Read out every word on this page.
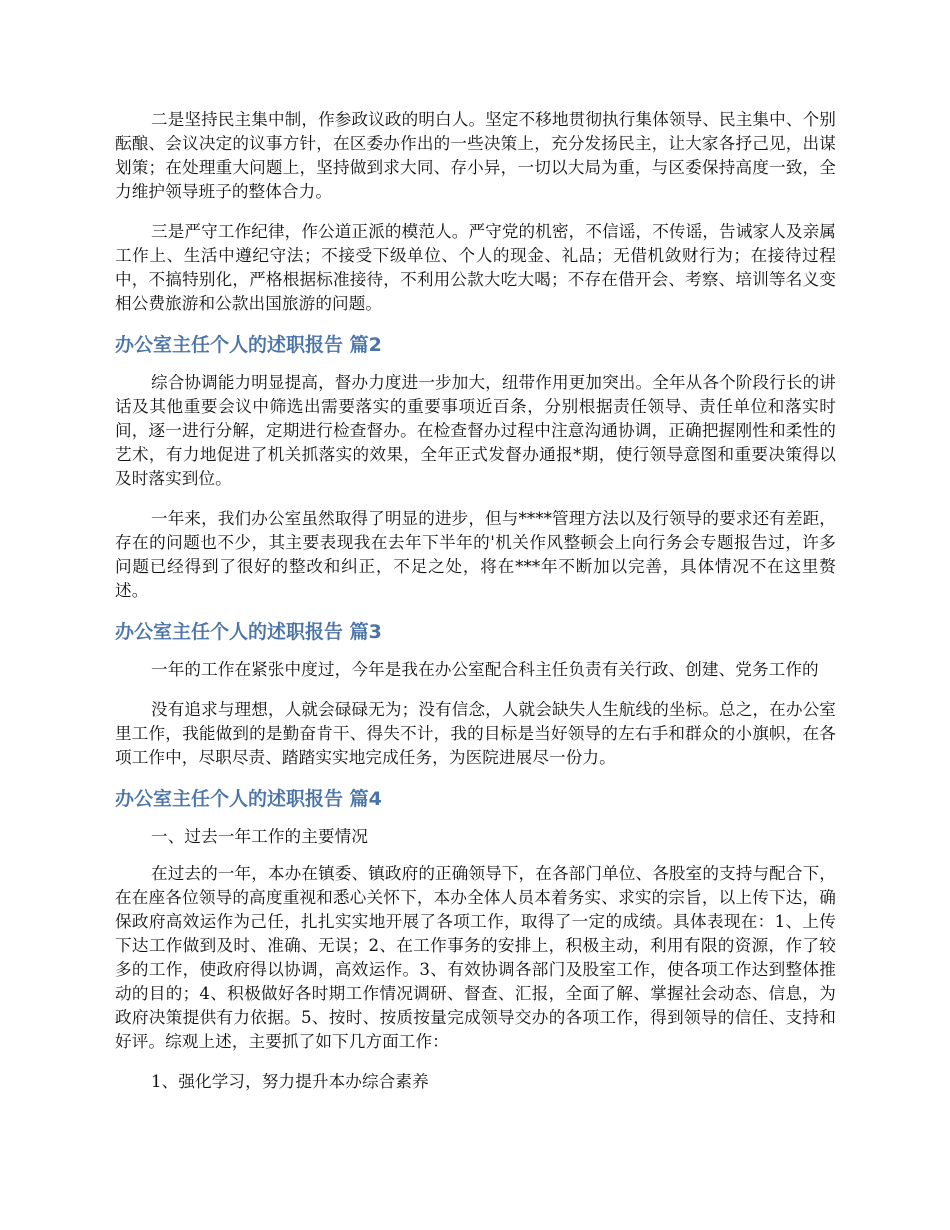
二是坚持民主集中制，作参政议政的明白人。坚定不移地贯彻执行集体领导、民主集中、个别酝酿、会议决定的议事方针，在区委办作出的一些决策上，充分发扬民主，让大家各抒己见，出谋划策；在处理重大问题上，坚持做到求大同、存小异，一切以大局为重，与区委保持高度一致，全力维护领导班子的整体合力。

三是严守工作纪律，作公道正派的模范人。严守党的机密，不信谣，不传谣，告诫家人及亲属工作上、生活中遵纪守法；不接受下级单位、个人的现金、礼品；无借机敛财行为；在接待过程中，不搞特别化，严格根据标准接待，不利用公款大吃大喝；不存在借开会、考察、培训等名义变相公费旅游和公款出国旅游的问题。

办公室主任个人的述职报告 篇2

综合协调能力明显提高，督办力度进一步加大，纽带作用更加突出。全年从各个阶段行长的讲话及其他重要会议中筛选出需要落实的重要事项近百条，分别根据责任领导、责任单位和落实时间，逐一进行分解，定期进行检查督办。在检查督办过程中注意沟通协调，正确把握刚性和柔性的艺术，有力地促进了机关抓落实的效果，全年正式发督办通报*期，使行领导意图和重要决策得以及时落实到位。

一年来，我们办公室虽然取得了明显的进步，但与****管理方法以及行领导的要求还有差距，存在的问题也不少，其主要表现我在去年下半年的'机关作风整顿会上向行务会专题报告过，许多问题已经得到了很好的整改和纠正，不足之处，将在***年不断加以完善，具体情况不在这里赘述。

办公室主任个人的述职报告 篇3

一年的工作在紧张中度过，今年是我在办公室配合科主任负责有关行政、创建、党务工作的

没有追求与理想，人就会碌碌无为；没有信念，人就会缺失人生航线的坐标。总之，在办公室里工作，我能做到的是勤奋肯干、得失不计，我的目标是当好领导的左右手和群众的小旗帜，在各项工作中，尽职尽责、踏踏实实地完成任务，为医院进展尽一份力。

办公室主任个人的述职报告 篇4

一、过去一年工作的主要情况

在过去的一年，本办在镇委、镇政府的正确领导下，在各部门单位、各股室的支持与配合下，在在座各位领导的高度重视和悉心关怀下，本办全体人员本着务实、求实的宗旨，以上传下达，确保政府高效运作为己任，扎扎实实地开展了各项工作，取得了一定的成绩。具体表现在：1、上传下达工作做到及时、准确、无误；2、在工作事务的安排上，积极主动，利用有限的资源，作了较多的工作，使政府得以协调，高效运作。3、有效协调各部门及股室工作，使各项工作达到整体推动的目的；4、积极做好各时期工作情况调研、督查、汇报，全面了解、掌握社会动态、信息，为政府决策提供有力依据。5、按时、按质按量完成领导交办的各项工作，得到领导的信任、支持和好评。综观上述，主要抓了如下几方面工作：

1、强化学习，努力提升本办综合素养
